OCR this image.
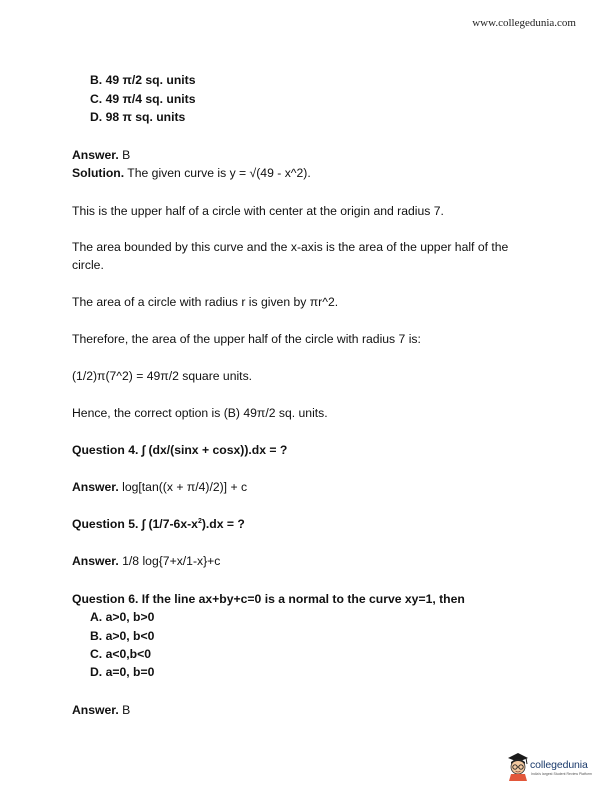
www.collegedunia.com
B. 49 π/2 sq. units
C. 49 π/4 sq. units
D. 98 π sq. units
Answer. B
Solution. The given curve is y = √(49 - x^2).
This is the upper half of a circle with center at the origin and radius 7.
The area bounded by this curve and the x-axis is the area of the upper half of the circle.
The area of a circle with radius r is given by πr^2.
Therefore, the area of the upper half of the circle with radius 7 is:
(1/2)π(7^2) = 49π/2 square units.
Hence, the correct option is (B) 49π/2 sq. units.
Question 4. ∫ (dx/(sinx + cosx)).dx = ?
Answer. log[tan((x + π/4)/2)] + c
Question 5. ∫ $(1/7-6x-x^2).dx$ = ?
Answer. 1/8 log{7+x/1-x}+c
Question 6. If the line ax+by+c=0 is a normal to the curve xy=1, then
A. a>0, b>0
B. a>0, b<0
C. a<0,b<0
D. a=0, b=0
Answer. B
collegedunia
India's largest Student Review Platform
